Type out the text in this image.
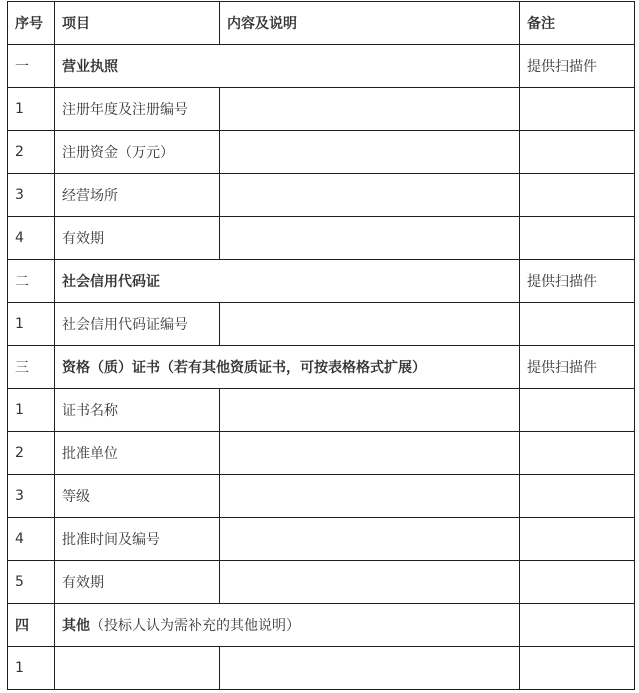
序号	项目	内容及说明	备注
一	营业执照		提供扫描件
1	注册年度及注册编号		
2	注册资金（万元）		
3	经营场所		
4	有效期		
二	社会信用代码证		提供扫描件
1	社会信用代码证编号		
三	资格（质）证书（若有其他资质证书，可按表格格式扩展）		提供扫描件
1	证书名称		
2	批准单位		
3	等级		
4	批准时间及编号		
5	有效期		
四	其他（投标人认为需补充的其他说明）		
1			
